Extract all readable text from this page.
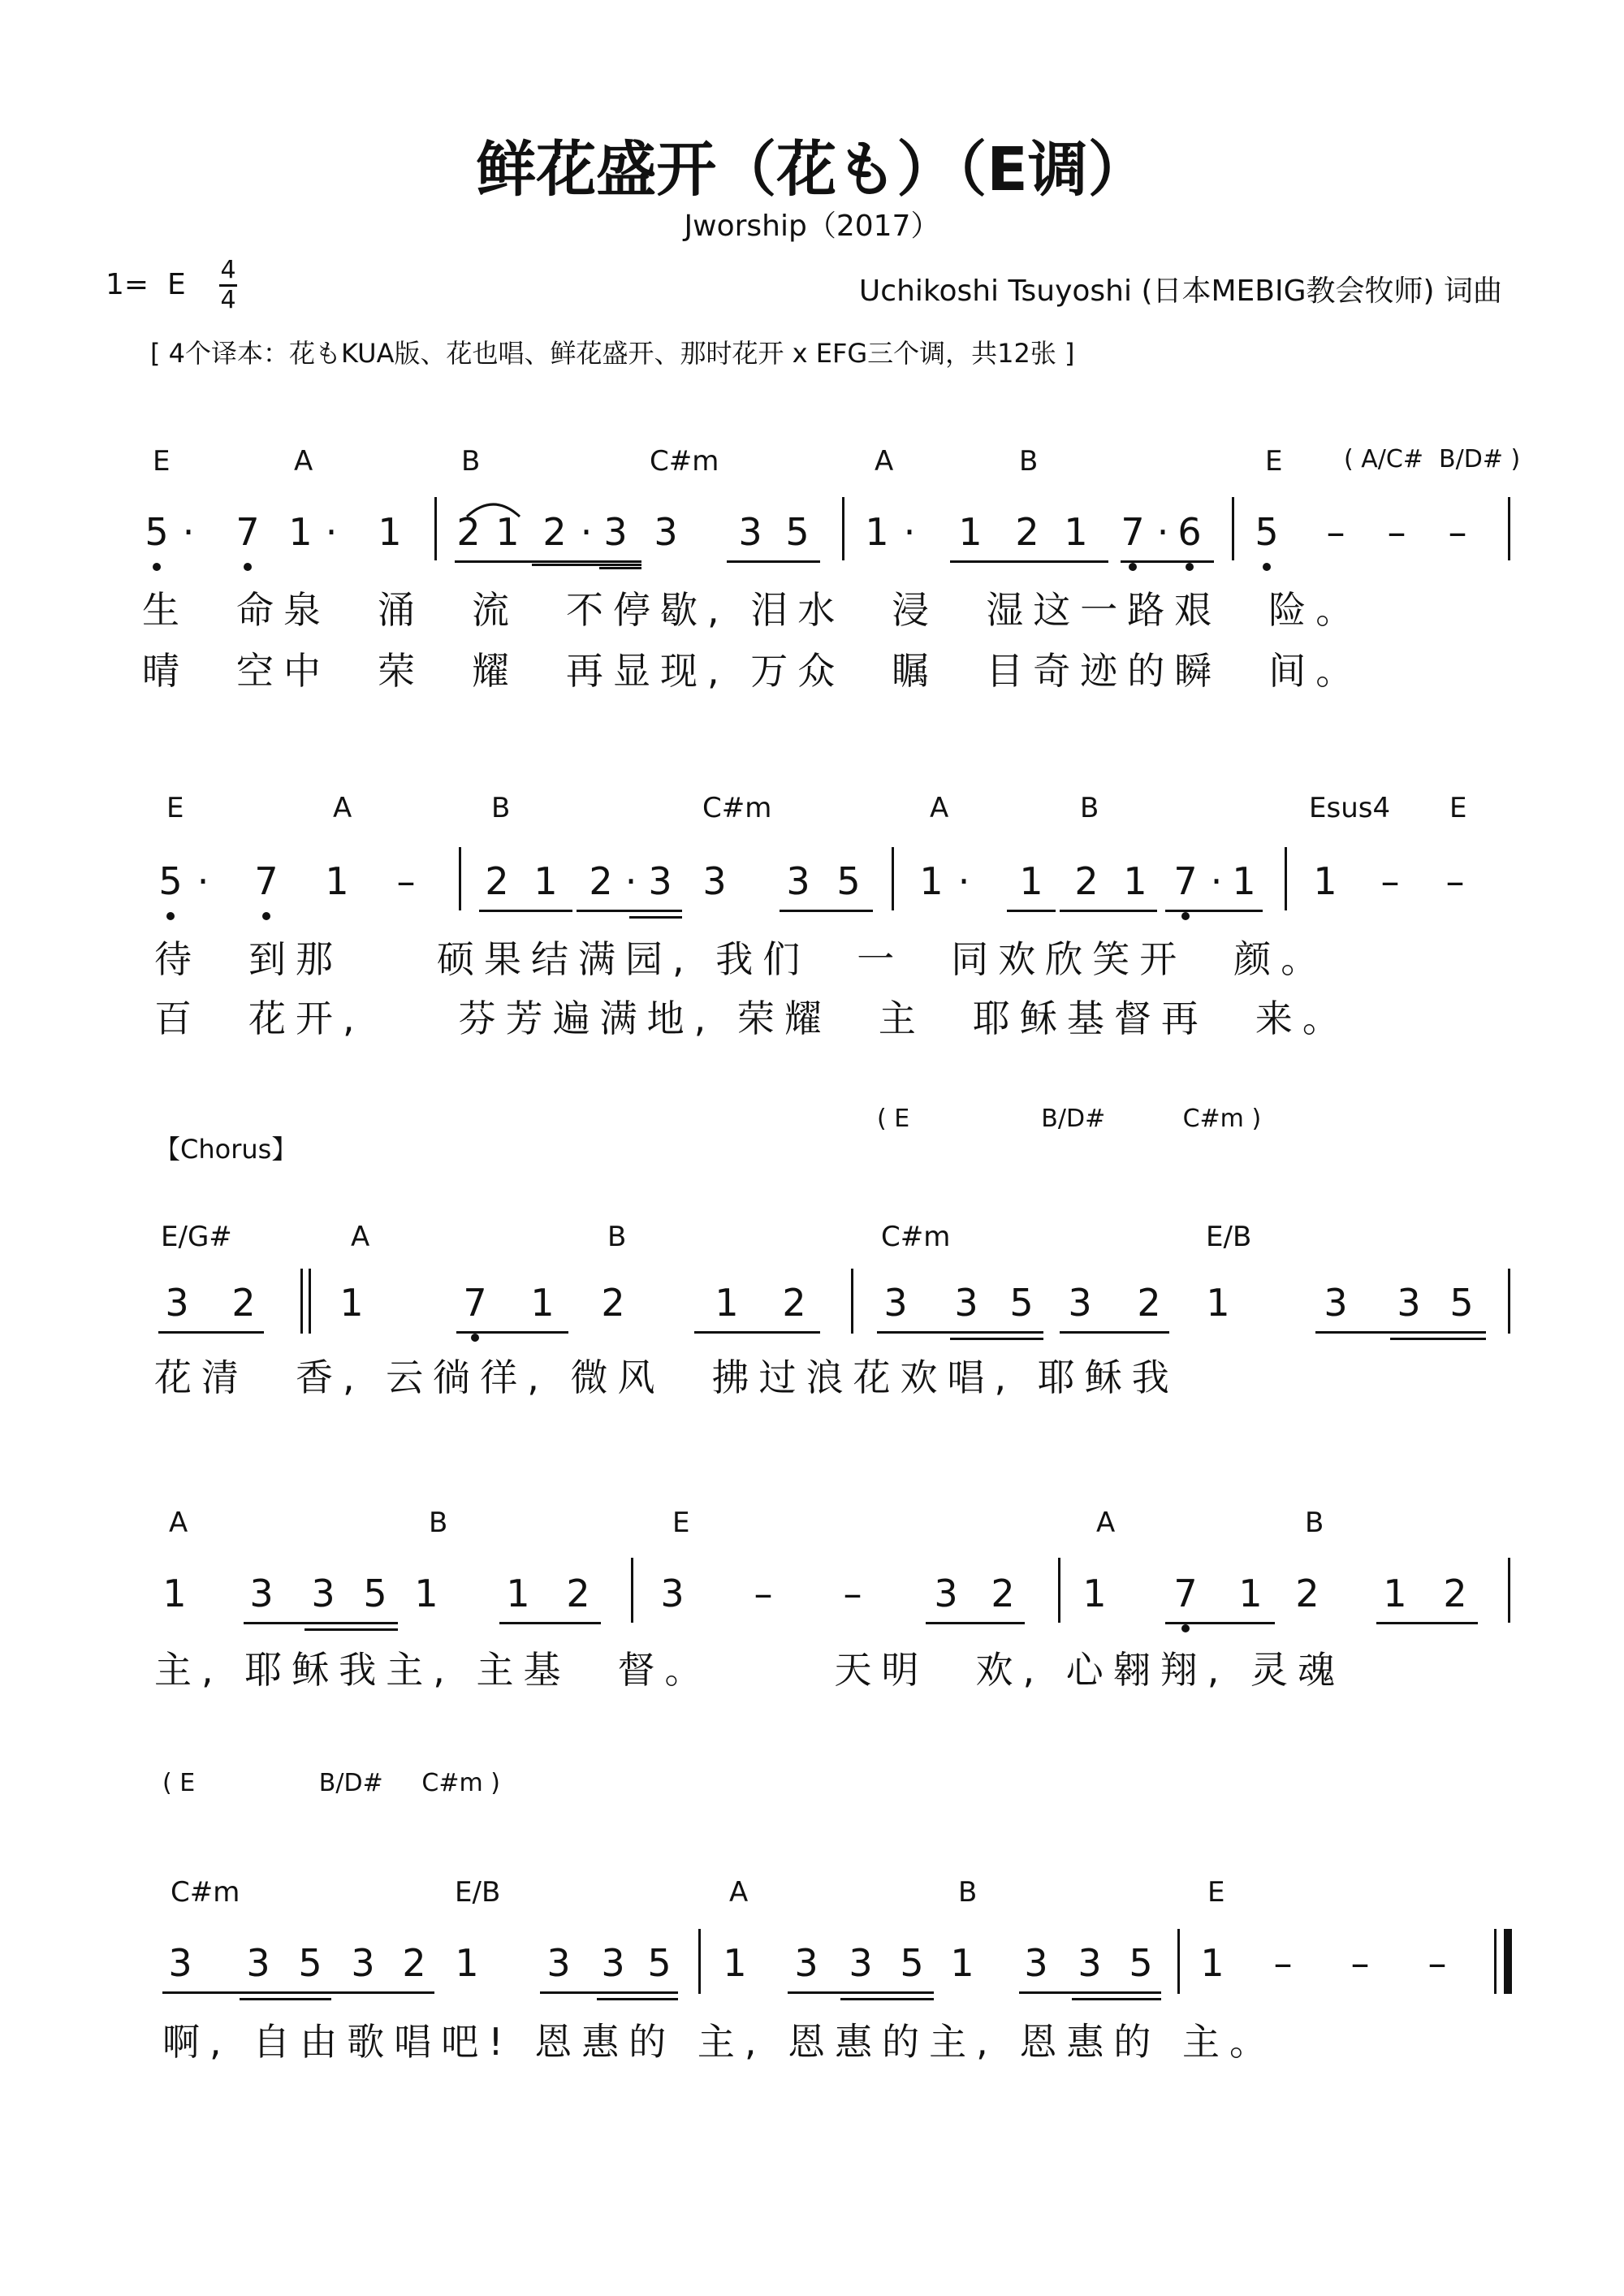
鲜花盛开（花も）（E调）
Jworship（2017）
1= E 4
4	Uchikoshi Tsuyoshi (日本MEBIG教会牧师) 词曲
[ 4个译本：花もKUA版、花也唱、鲜花盛开、那时花开 x EFG三个调，共12张 ]
【Chorus】
E	A	B	C#m	A	B	E	( A/C#  B/D# )
5 · 7 1 · 1 2 1 2 · 3 3 3 5 1 · 1 2 1 7 · 6 5 – – –
生　命泉　涌　流　不停歇, 泪水　浸　湿这一路艰　险。
晴　空中　荣　耀　再显现, 万众　瞩　目奇迹的瞬　间。
E	A	B	C#m	A	B	Esus4 E
5 · 7 1 – 2 1 2 · 3 3 3 5 1 · 1 2 1 7 · 1 1 – –
待　到那　　硕果结满园, 我们　一　同欢欣笑开　颜。
百　花开,　　芬芳遍满地, 荣耀　主　耶稣基督再　来。
E/G#	A	B	C#m	E/B
( E                 B/D#          C#m )
3 2 1	7 1 2 1 2 3 3 5 3 2 1	3 3 5
花清　香, 云徜徉, 微风　拂过浪花欢唱, 耶稣我
A	B	E	A	B
1 3 3 5 1 1 2 3 – – 3 2 1 7 1 2 1 2
主, 耶稣我主, 主基　督。　　　天明　欢, 心翱翔, 灵魂
C#m	E/B	A	B	E
( E                B/D#     C#m )
3 3 5 3 2 1 3 3 5 1 3 3 5 1 3 3 5 1 – – –
啊, 自由歌唱吧! 恩惠的 主, 恩惠的主, 恩惠的 主。
